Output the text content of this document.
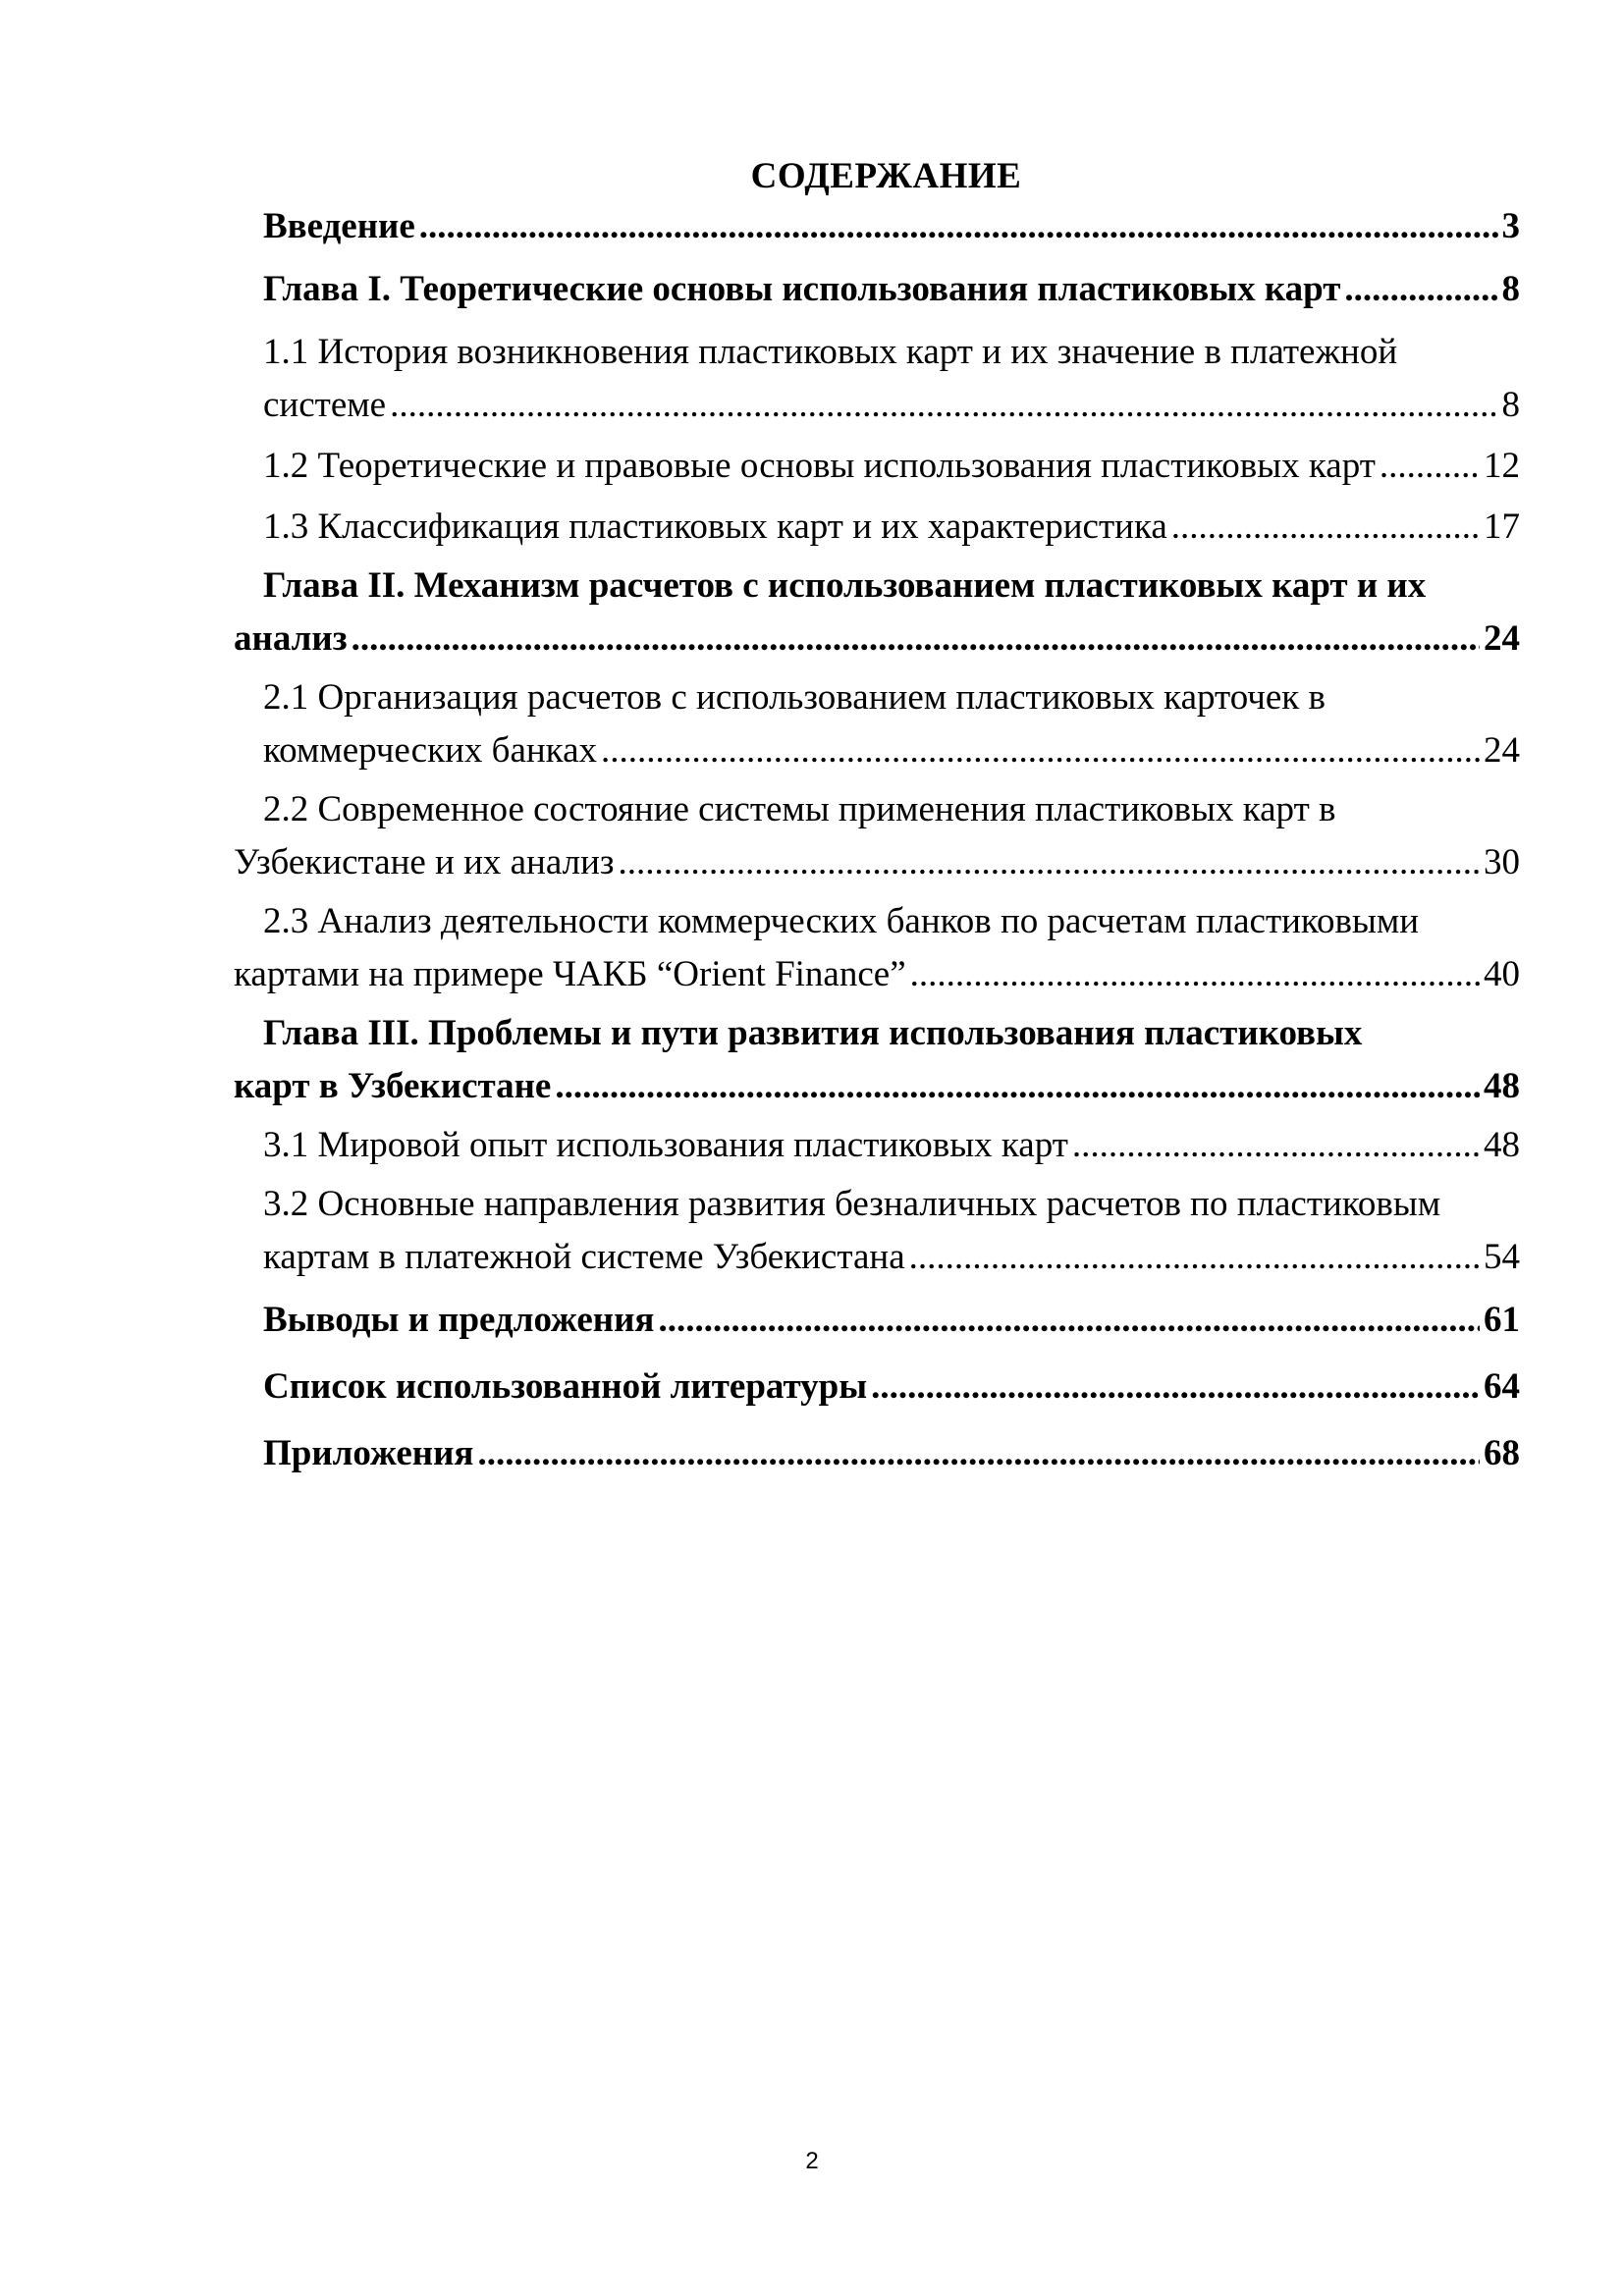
СОДЕРЖАНИЕ
Введение .....	3
Глава I. Теоретические основы использования пластиковых карт .....	8
1.1 История возникновения пластиковых карт и их значение в платежной
системе .....	8
1.2 Теоретические и правовые основы использования пластиковых карт .....	12
1.3 Классификация пластиковых карт и их характеристика .....	17
Глава II. Механизм расчетов с использованием пластиковых карт и их
анализ .....	24
2.1 Организация расчетов с использованием пластиковых карточек в
коммерческих банках .....	24
2.2 Современное состояние системы применения пластиковых карт в
Узбекистане и их анализ .....	30
2.3 Анализ деятельности коммерческих банков по расчетам пластиковыми
картами на примере ЧАКБ “Orient Finance” .....	40
Глава III. Проблемы и пути развития использования пластиковых
карт в Узбекистане .....	48
3.1 Мировой опыт использования пластиковых карт .....	48
3.2 Основные направления развития безналичных расчетов по пластиковым
картам в платежной системе Узбекистана .....	54
Выводы и предложения .....	61
Список использованной литературы .....	64
Приложения .....	68
2
